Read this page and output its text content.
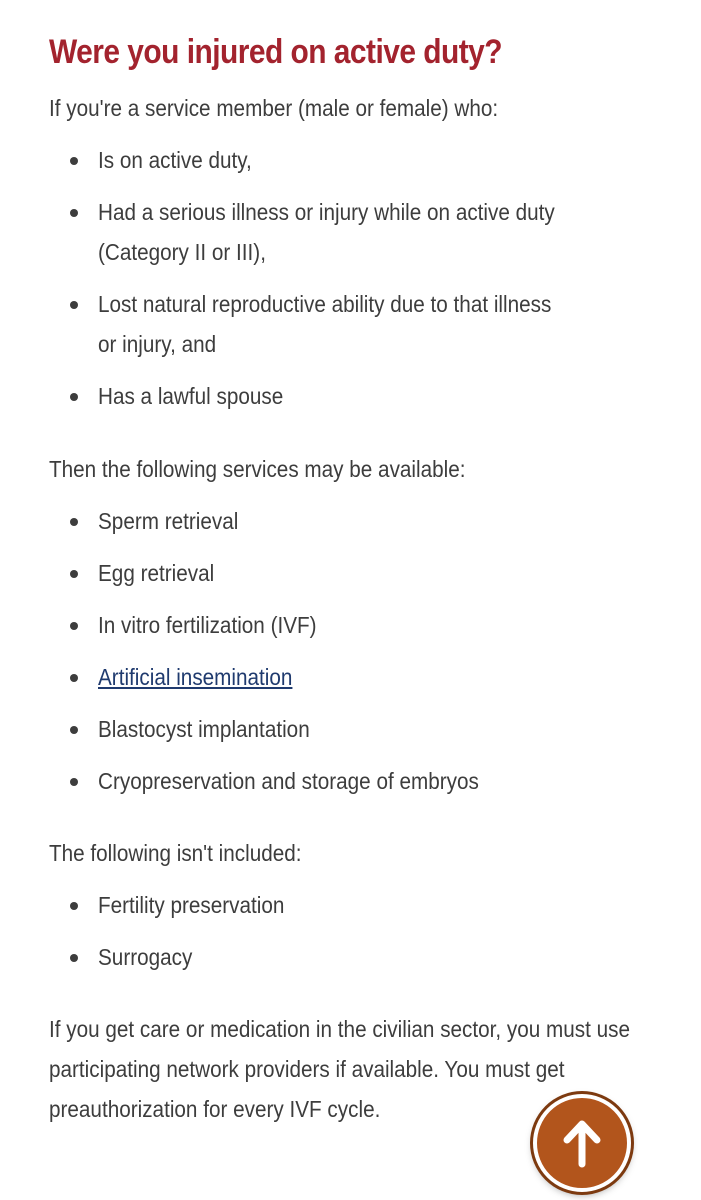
Were you injured on active duty?

If you're a service member (male or female) who:

Is on active duty,
Had a serious illness or injury while on active duty (Category II or III),
Lost natural reproductive ability due to that illness or injury, and
Has a lawful spouse

Then the following services may be available:

Sperm retrieval
Egg retrieval
In vitro fertilization (IVF)
Artificial insemination
Blastocyst implantation
Cryopreservation and storage of embryos

The following isn't included:

Fertility preservation
Surrogacy

If you get care or medication in the civilian sector, you must use participating network providers if available. You must get preauthorization for every IVF cycle.
